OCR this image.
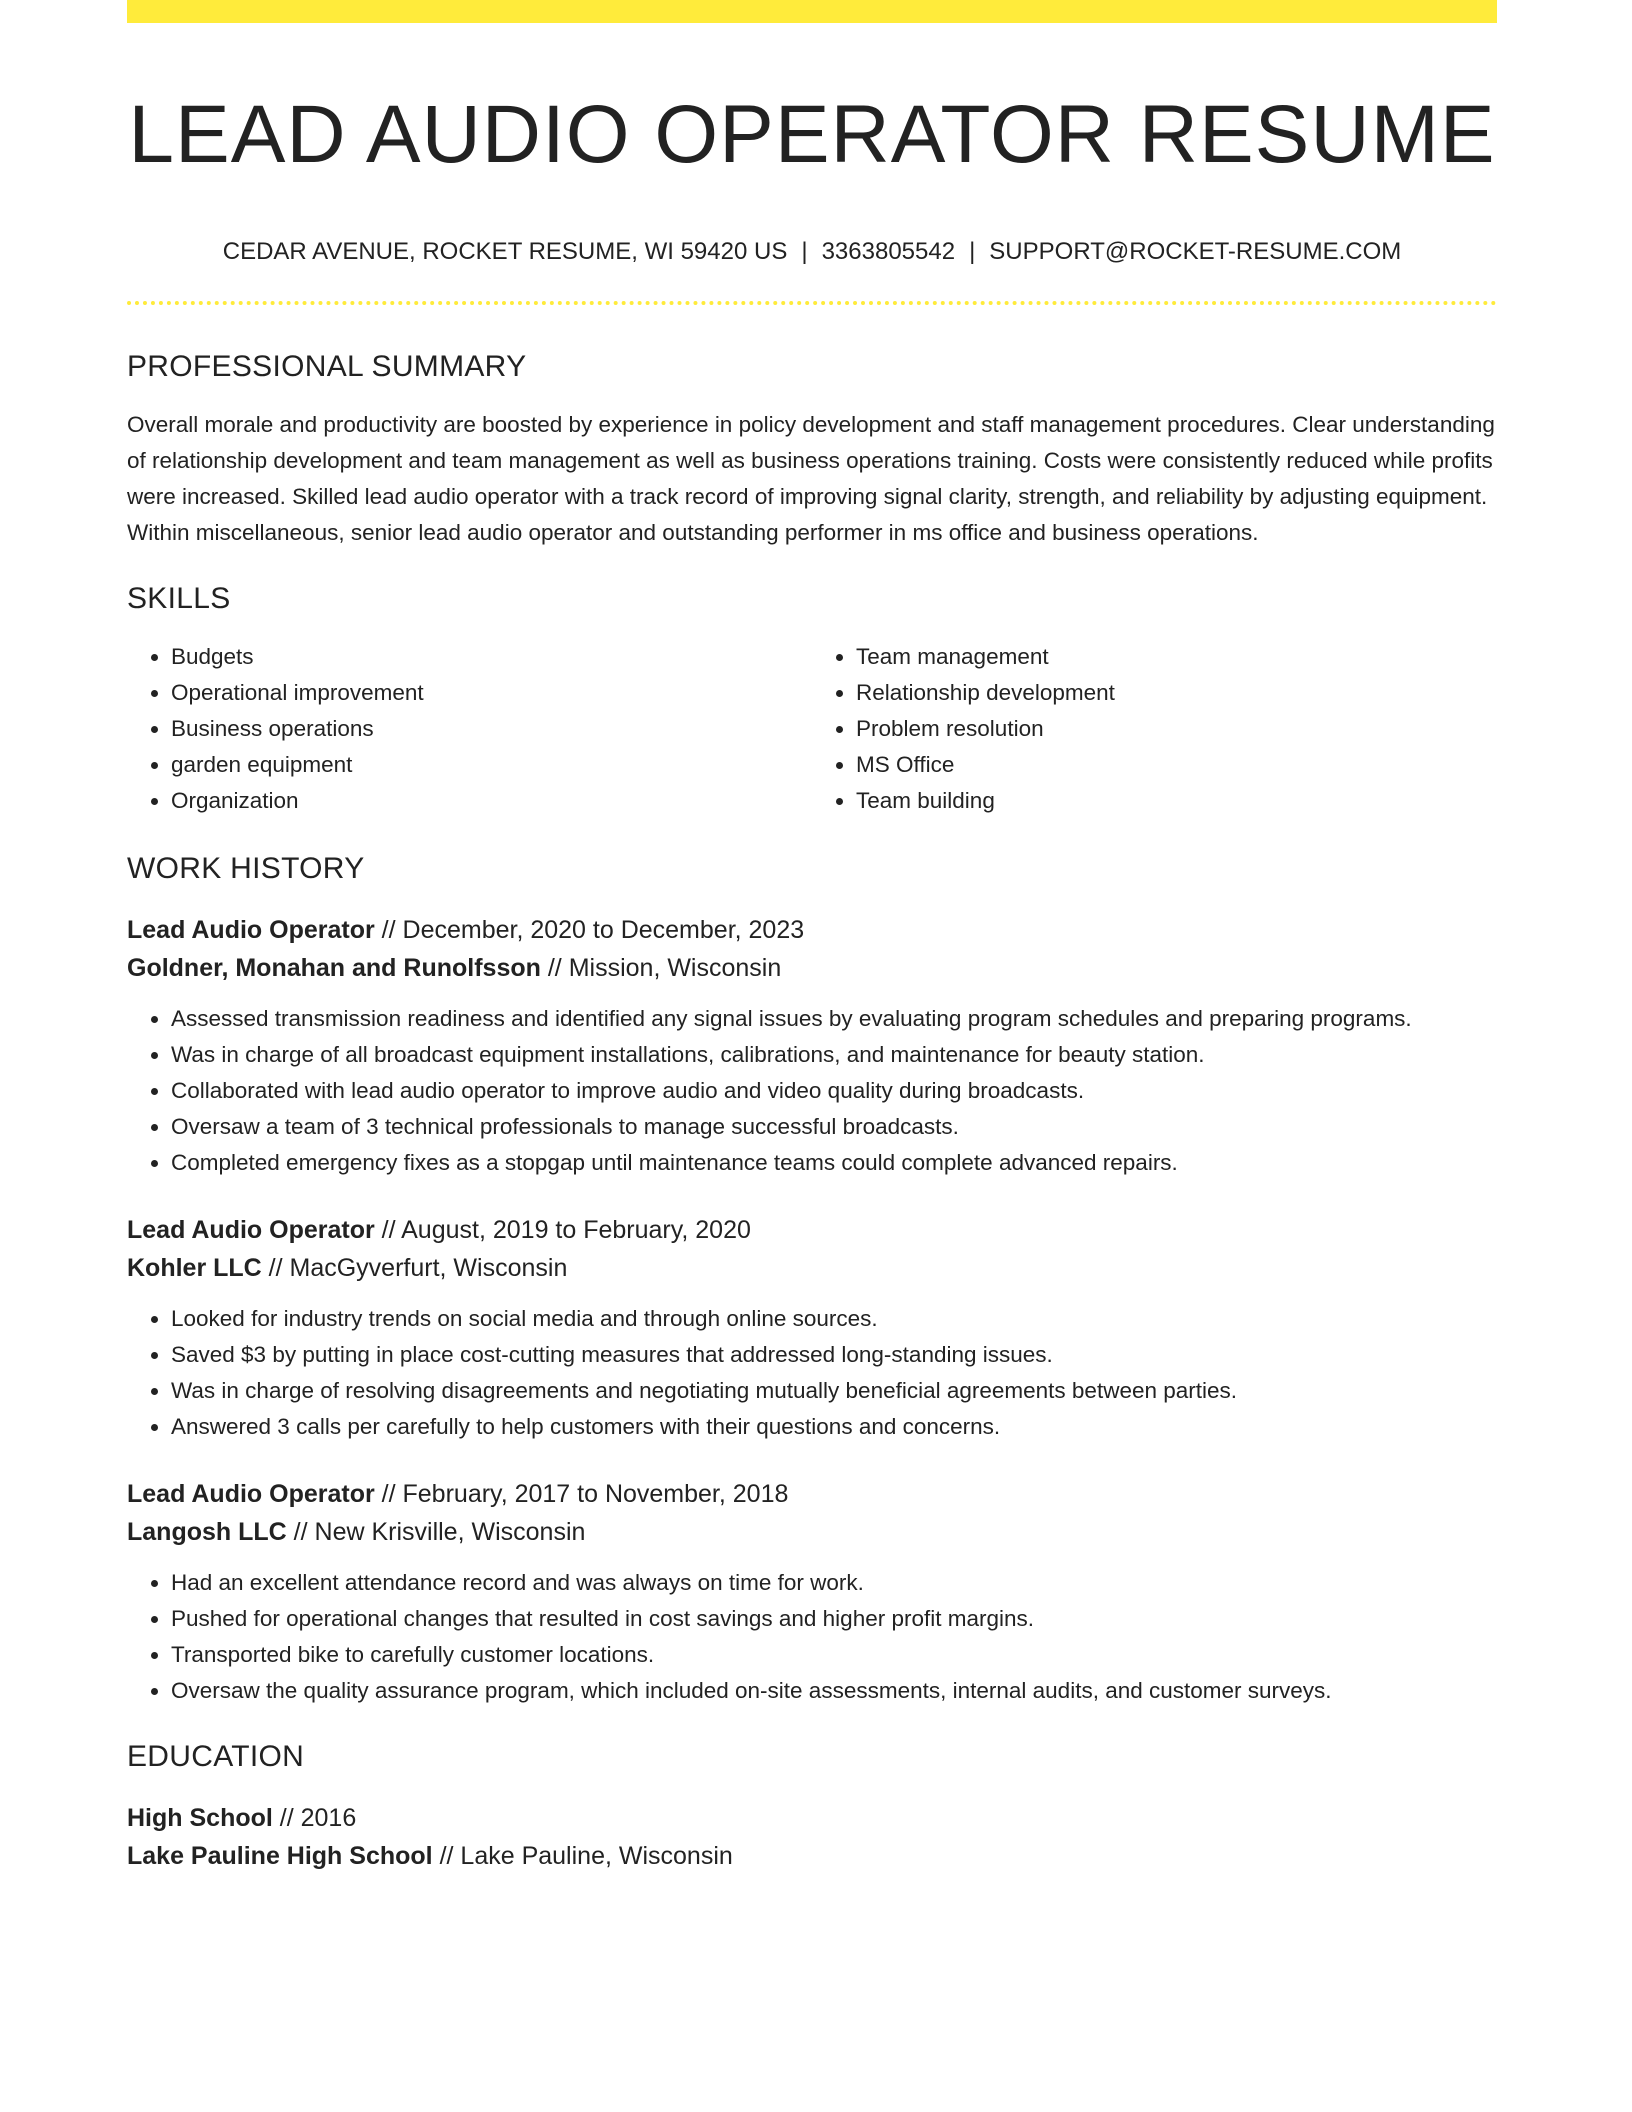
LEAD AUDIO OPERATOR RESUME
CEDAR AVENUE, ROCKET RESUME, WI 59420 US | 3363805542 | SUPPORT@ROCKET-RESUME.COM
PROFESSIONAL SUMMARY
Overall morale and productivity are boosted by experience in policy development and staff management procedures. Clear understanding of relationship development and team management as well as business operations training. Costs were consistently reduced while profits were increased. Skilled lead audio operator with a track record of improving signal clarity, strength, and reliability by adjusting equipment. Within miscellaneous, senior lead audio operator and outstanding performer in ms office and business operations.
SKILLS
• Budgets
• Operational improvement
• Business operations
• garden equipment
• Organization
• Team management
• Relationship development
• Problem resolution
• MS Office
• Team building
WORK HISTORY
Lead Audio Operator // December, 2020 to December, 2023
Goldner, Monahan and Runolfsson // Mission, Wisconsin
• Assessed transmission readiness and identified any signal issues by evaluating program schedules and preparing programs.
• Was in charge of all broadcast equipment installations, calibrations, and maintenance for beauty station.
• Collaborated with lead audio operator to improve audio and video quality during broadcasts.
• Oversaw a team of 3 technical professionals to manage successful broadcasts.
• Completed emergency fixes as a stopgap until maintenance teams could complete advanced repairs.
Lead Audio Operator // August, 2019 to February, 2020
Kohler LLC // MacGyverfurt, Wisconsin
• Looked for industry trends on social media and through online sources.
• Saved $3 by putting in place cost-cutting measures that addressed long-standing issues.
• Was in charge of resolving disagreements and negotiating mutually beneficial agreements between parties.
• Answered 3 calls per carefully to help customers with their questions and concerns.
Lead Audio Operator // February, 2017 to November, 2018
Langosh LLC // New Krisville, Wisconsin
• Had an excellent attendance record and was always on time for work.
• Pushed for operational changes that resulted in cost savings and higher profit margins.
• Transported bike to carefully customer locations.
• Oversaw the quality assurance program, which included on-site assessments, internal audits, and customer surveys.
EDUCATION
High School // 2016
Lake Pauline High School // Lake Pauline, Wisconsin
